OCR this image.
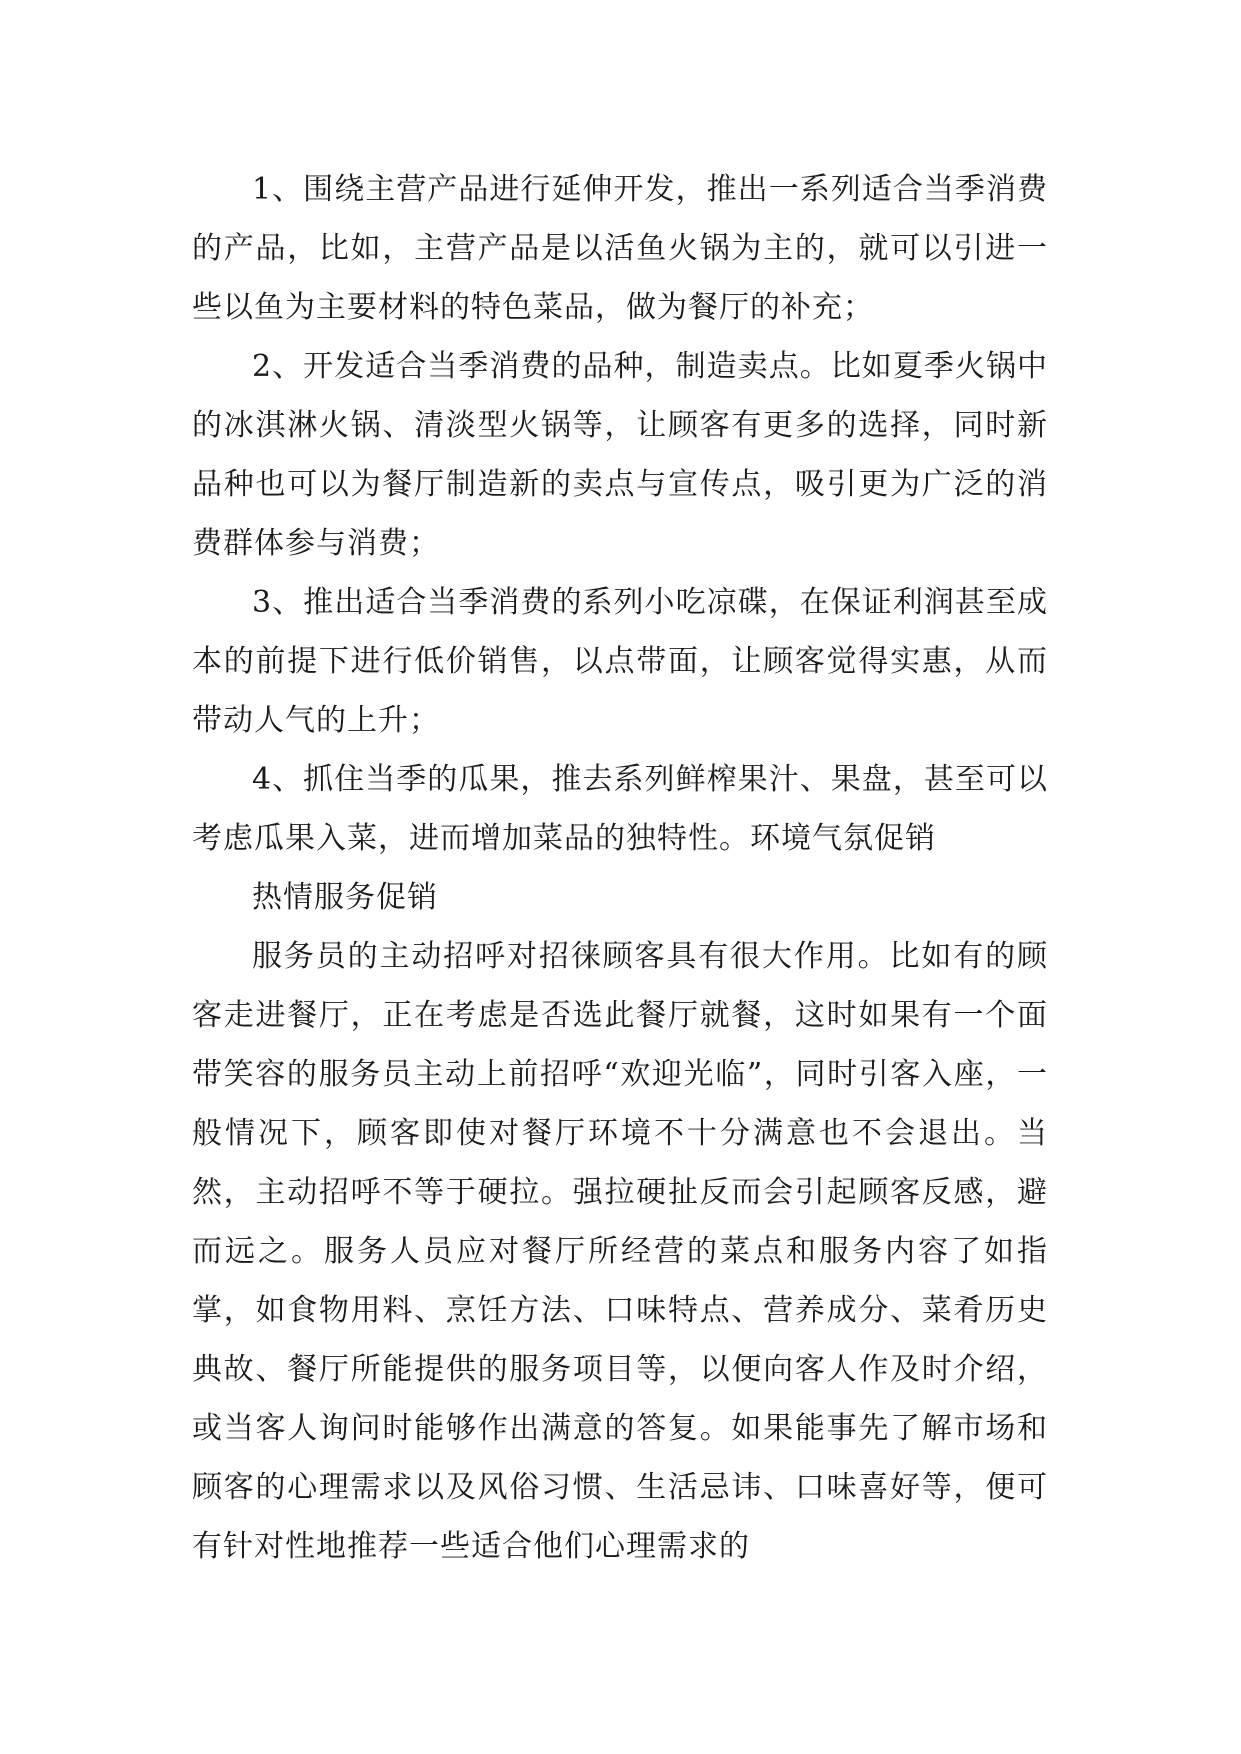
1、围绕主营产品进行延伸开发，推出一系列适合当季消费的产品，比如，主营产品是以活鱼火锅为主的，就可以引进一些以鱼为主要材料的特色菜品，做为餐厅的补充；

2、开发适合当季消费的品种，制造卖点。比如夏季火锅中的冰淇淋火锅、清淡型火锅等，让顾客有更多的选择，同时新品种也可以为餐厅制造新的卖点与宣传点，吸引更为广泛的消费群体参与消费；

3、推出适合当季消费的系列小吃凉碟，在保证利润甚至成本的前提下进行低价销售，以点带面，让顾客觉得实惠，从而带动人气的上升；

4、抓住当季的瓜果，推去系列鲜榨果汁、果盘，甚至可以考虑瓜果入菜，进而增加菜品的独特性。环境气氛促销

热情服务促销

服务员的主动招呼对招徕顾客具有很大作用。比如有的顾客走进餐厅，正在考虑是否选此餐厅就餐，这时如果有一个面带笑容的服务员主动上前招呼“欢迎光临”，同时引客入座，一般情况下，顾客即使对餐厅环境不十分满意也不会退出。当然，主动招呼不等于硬拉。强拉硬扯反而会引起顾客反感，避而远之。服务人员应对餐厅所经营的菜点和服务内容了如指掌，如食物用料、烹饪方法、口味特点、营养成分、菜肴历史典故、餐厅所能提供的服务项目等，以便向客人作及时介绍，或当客人询问时能够作出满意的答复。如果能事先了解市场和顾客的心理需求以及风俗习惯、生活忌讳、口味喜好等，便可有针对性地推荐一些适合他们心理需求的
